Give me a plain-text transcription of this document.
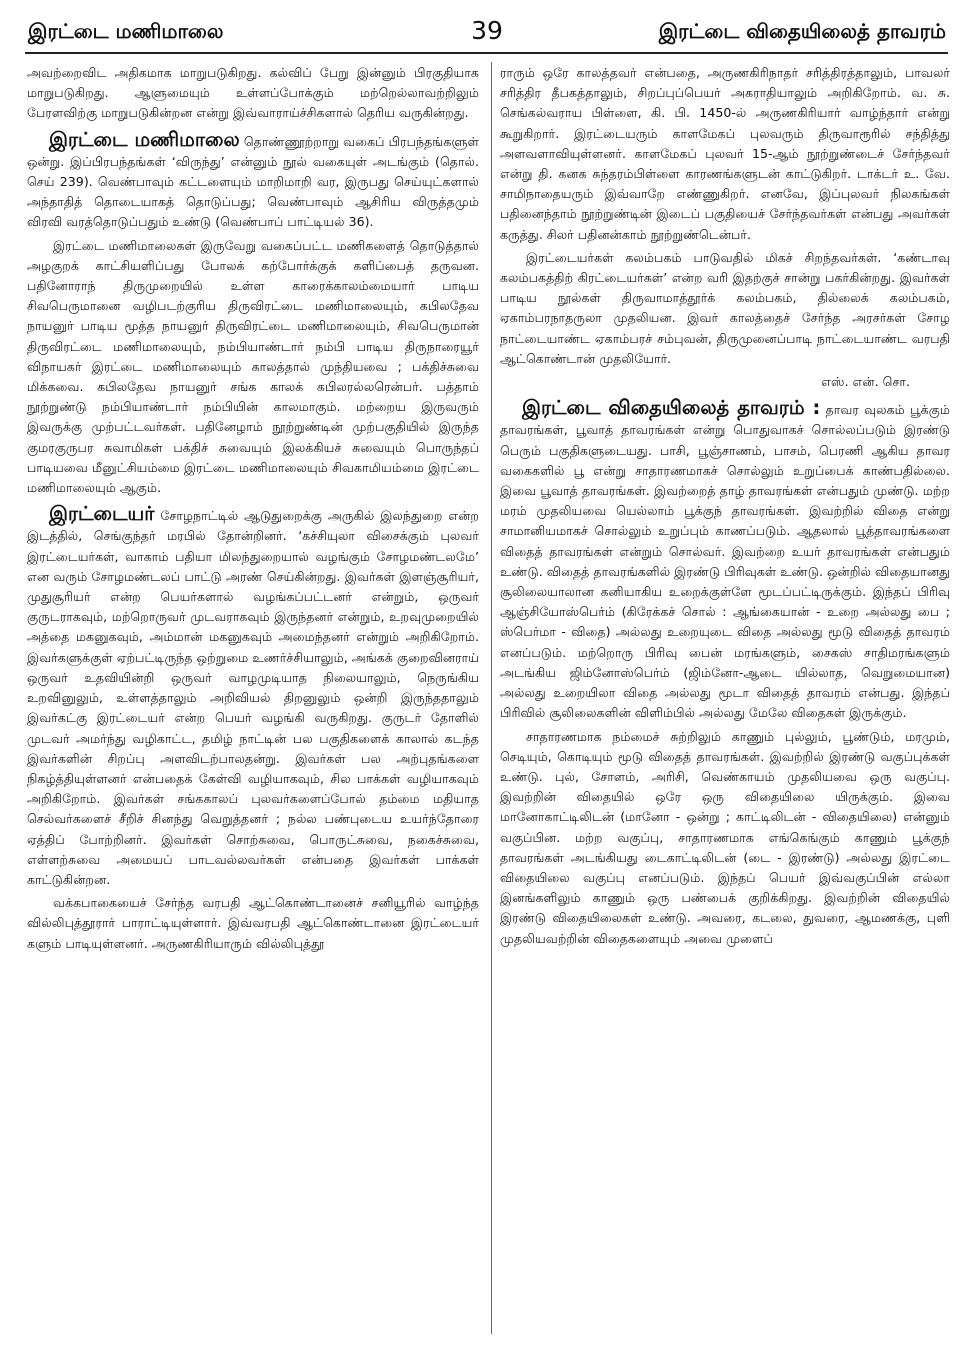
இரட்டை மணிமாலை	39	இரட்டை விதையிலைத் தாவரம்

அவற்றைவிட அதிகமாக மாறுபடுகிறது. கல்விப் பேறு இன்னும் பிரகுதியாக மாறுபடுகிறது. ஆளுமையும் உள்ளப்போக்கும் மற்றெல்லாவற்றிலும் பேரளவிற்கு மாறுபடுகின்றன என்று இவ்வாராய்ச்சிகளால் தெரிய வருகின்றது.

இரட்டை மணிமாலை தொண்ணூற்றாறு வகைப் பிரபந்தங்களுள் ஒன்று. இப்பிரபந்தங்கள் ‘விருந்து’ என்னும் நூல் வகையுள் அடங்கும் (தொல். செய் 239). வெண்பாவும் கட்டளையும் மாறிமாறி வர, இருபது செய்யுட்களால் அந்தாதித் தொடையாகத் தொடுப்பது; வெண்பாவும் ஆசிரிய விருத்தமும் விரவி வரத்தொடுப்பதும் உண்டு (வெண்பாப் பாட்டியல் 36).

இரட்டை மணிமாலைகள் இருவேறு வகைப்பட்ட மணிகளைத் தொடுத்தால் அழகுறக் காட்சியளிப்பது போலக் கற்போர்க்குக் களிப்பைத் தருவன. பதினோராந் திருமுறையில் உள்ள காரைக்காலம்மையார் பாடிய சிவபெருமானை வழிபடற்குரிய திருவிரட்டை மணிமாலையும், கபிலதேவ நாயனுர் பாடிய மூத்த நாயனுர் திருவிரட்டை மணிமாலையும், சிவபெருமான் திருவிரட்டை மணிமாலையும், நம்பியாண்டார் நம்பி பாடிய திருநாரையூர் விநாயகர் இரட்டை மணிமாலையும் காலத்தால் முந்தியவை ; பக்திச்சுவை மிக்கவை. கபிலதேவ நாயனுர் சங்க காலக் கபிலரல்லரென்பர். பத்தாம் நூற்றுண்டு நம்பியாண்டார் நம்பியின் காலமாகும். மற்றைய இருவரும் இவருக்கு முற்பட்டவர்கள். பதினேழாம் நூற்றுண்டின் முற்பகுதியில் இருந்த குமரகுருபர சுவாமிகள் பக்திச் சுவையும் இலக்கியச் சுவையும் பொருந்தப் பாடியவை மீனுட்சியம்மை இரட்டை மணிமாலையும் சிவகாமியம்மை இரட்டை மணிமாலையும் ஆகும்.

இரட்டையர் சோழநாட்டில் ஆடுதுறைக்கு அருகில் இலந்துறை என்ற இடத்தில், செங்குந்தர் மரபில் தோன்றினர். ‘கச்சியுலா விசைக்கும் புலவர் இரட்டையர்கள், வாகாம் பதியா மிலந்துறையால் வழங்கும் சோழமண்டலமே’ என வரும் சோழமண்டலப் பாட்டு அரண் செய்கின்றது. இவர்கள் இளஞ்சூரியர், முதுசூரியர் என்ற பெயர்களால் வழங்கப்பட்டனர் என்றும், ஒருவர் குருடராகவும், மற்றொருவர் முடவராகவும் இருந்தனர் என்றும், உறவுமுறையில் அத்தை மகனுகவும், அம்மான் மகனுகவும் அமைந்தனர் என்றும் அறிகிறோம். இவர்களுக்குள் ஏற்பட்டிருந்த ஒற்றுமை உணர்ச்சியாலும், அங்கக் குறைவினராய் ஒருவர் உதவியின்றி ஒருவர் வாழமுடியாத நிலையாலும், நெருங்கிய உறவினுலும், உள்ளத்தாலும் அறிவியல் திறனுலும் ஒன்றி இருந்ததாலும் இவர்கட்கு இரட்டையர் என்ற பெயர் வழங்கி வருகிறது. குருடர் தோளில் முடவர் அமர்ந்து வழிகாட்ட, தமிழ் நாட்டின் பல பகுதிகளைக் காலால் கடந்த இவர்களின் சிறப்பு அளவிடற்பாலதன்று. இவர்கள் பல அற்புதங்களை நிகழ்த்தியுள்ளனர் என்பதைக் கேள்வி வழியாகவும், சில பாக்கள் வழியாகவும் அறிகிறோம். இவர்கள் சங்ககாலப் புலவர்களைப்போல் தம்மை மதியாத செல்வர்களைச் சீறிச் சினந்து வெறுத்தனர் ; நல்ல பண்புடைய உயர்ந்தோரை ஏத்திப் போற்றினர். இவர்கள் சொற்சுவை, பொருட்சுவை, நகைச்சுவை, எள்ளற்சுவை அமையப் பாடவல்லவர்கள் என்பதை இவர்கள் பாக்கள் காட்டுகின்றன.

வக்கபாகையைச் சேர்ந்த வரபதி ஆட்கொண்டானைச் சனியூரில் வாழ்ந்த வில்லிபுத்தூரார் பாராட்டியுள்ளார். இவ்வரபதி ஆட்கொண்டானை இரட்டையர் களும் பாடியுள்ளனர். அருணகிரியாரும் வில்லிபுத்தூ

ராரும் ஒரே காலத்தவர் என்பதை, அருணகிரிநாதர் சரித்திரத்தாலும், பாவலர் சரித்திர தீபகத்தாலும், சிறப்புப்பெயர் அகராதியாலும் அறிகிறோம். வ. சு. செங்கல்வராய பிள்ளை, கி. பி. 1450-ல் அருணகிரியார் வாழ்ந்தார் என்று கூறுகிறார். இரட்டையரும் காளமேகப் புலவரும் திருவாரூரில் சந்தித்து அளவளாவியுள்ளனர். காளமேகப் புலவர் 15-ஆம் நூற்றுண்டைச் சேர்ந்தவர் என்று தி. கனக சுந்தரம்பிள்ளை காரணங்களுடன் காட்டுகிறர். டாக்டர் உ. வே. சாமிநாதையரும் இவ்வாறே எண்ணுகிறர். எனவே, இப்புலவர் நிலகங்கள் பதினைந்தாம் நூற்றுண்டின் இடைப் பகுதியைச் சேர்ந்தவர்கள் என்பது அவர்கள் கருத்து. சிலர் பதினன்காம் நூற்றுண்டென்பர்.

இரட்டையர்கள் கலம்பகம் பாடுவதில் மிகச் சிறந்தவர்கள். ‘கண்டாவு கலம்பகத்திற் கிரட்டையர்கள்’ என்ற வரி இதற்குச் சான்று பகர்கின்றது. இவர்கள் பாடிய நூல்கள் திருவாமாத்தூர்க் கலம்பகம், தில்லைக் கலம்பகம், ஏகாம்பரநாதருலா முதலியன. இவர் காலத்தைச் சேர்ந்த அரசர்கள் சோழ நாட்டையாண்ட ஏகாம்பரச் சம்புவன், திருமுனைப்பாடி நாட்டையாண்ட வரபதி ஆட்கொண்டான் முதலியோர்.

எஸ். என். சொ.

இரட்டை விதையிலைத் தாவரம் : தாவர வுலகம் பூக்கும் தாவரங்கள், பூவாத் தாவரங்கள் என்று பொதுவாகச் சொல்லப்படும் இரண்டு பெரும் பகுதிகளுடையது. பாசி, பூஞ்சாணம், பாசம், பெரணி ஆகிய தாவர வகைகளில் பூ என்று சாதாரணமாகச் சொல்லும் உறுப்பைக் காண்பதில்லை. இவை பூவாத் தாவரங்கள். இவற்றைத் தாழ் தாவரங்கள் என்பதும் முண்டு. மற்ற மரம் முதலியவை யெல்லாம் பூக்குந் தாவரங்கள். இவற்றில் விதை என்று சாமானியமாகச் சொல்லும் உறுப்பும் காணப்படும். ஆதலால் பூத்தாவரங்களை விதைத் தாவரங்கள் என்றும் சொல்வர். இவற்றை உயர் தாவரங்கள் என்பதும் உண்டு. விதைத் தாவரங்களில் இரண்டு பிரிவுகள் உண்டு. ஒன்றில் விதையானது சூலிலையாலான கனியாகிய உறைக்குள்ளே மூடப்பட்டிருக்கும். இந்தப் பிரிவு ஆஞ்சியோஸ்பெர்ம் (கிரேக்கச் சொல் : ஆங்கையான் - உறை அல்லது பை ; ஸ்பெர்மா - விதை) அல்லது உறையுடை விதை அல்லது மூடு விதைத் தாவரம் எனப்படும். மற்றொரு பிரிவு பைன் மரங்களும், சைகஸ் சாதிமரங்களும் அடங்கிய ஜிம்னோஸ்பெர்ம் (ஜிம்னோ-ஆடை யில்லாத, வெறுமையான) அல்லது உறையிலா விதை அல்லது மூடா விதைத் தாவரம் என்பது. இந்தப் பிரிவில் சூலிலைகளின் விளிம்பில் அல்லது மேலே விதைகள் இருக்கும்.

சாதாரணமாக நம்மைச் சுற்றிலும் காணும் புல்லும், பூண்டும், மரமும், செடியும், கொடியும் மூடு விதைத் தாவரங்கள். இவற்றில் இரண்டு வகுப்புக்கள் உண்டு. புல், சோளம், அரிசி, வெண்காயம் முதலியவை ஒரு வகுப்பு. இவற்றின் விதையில் ஒரே ஒரு விதையிலை யிருக்கும். இவை மானோகாட்டிலிடன் (மானோ - ஒன்று ; காட்டிலிடன் - விதையிலை) என்னும் வகுப்பின. மற்ற வகுப்பு, சாதாரணமாக எங்கெங்கும் காணும் பூக்குந் தாவரங்கள் அடங்கியது டைகாட்டிலிடன் (டை - இரண்டு) அல்லது இரட்டை விதையிலை வகுப்பு எனப்படும். இந்தப் பெயர் இவ்வகுப்பின் எல்லா இனங்களிலும் காணும் ஒரு பண்பைக் குறிக்கிறது. இவற்றின் விதையில் இரண்டு விதையிலைகள் உண்டு. அவரை, கடலை, துவரை, ஆமணக்கு, புளி முதலியவற்றின் விதைகளையும் அவை முளைப்
